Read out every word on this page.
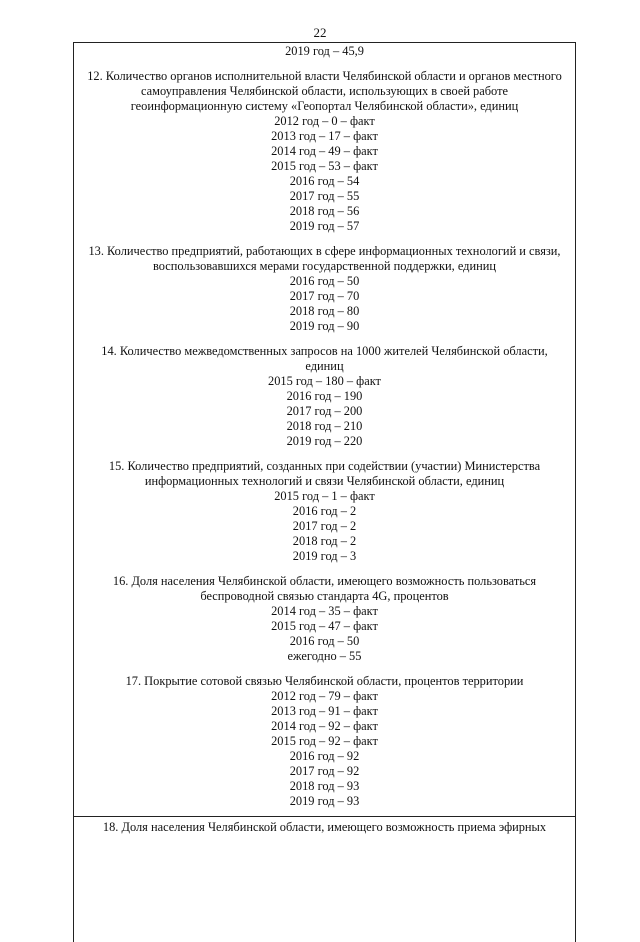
22
2019 год – 45,9

12. Количество органов исполнительной власти Челябинской области и органов местного самоуправления Челябинской области, использующих в своей работе геоинформационную систему «Геопортал Челябинской области», единиц

2012 год – 0 – факт
2013 год – 17 – факт
2014 год – 49 – факт
2015 год – 53 – факт
2016 год – 54
2017 год – 55
2018 год – 56
2019 год – 57

13. Количество предприятий, работающих в сфере информационных технологий и связи, воспользовавшихся мерами государственной поддержки, единиц

2016 год – 50
2017 год – 70
2018 год – 80
2019 год – 90

14. Количество межведомственных запросов на 1000 жителей Челябинской области, единиц

2015 год – 180 – факт
2016 год – 190
2017 год – 200
2018 год – 210
2019 год – 220

15. Количество предприятий, созданных при содействии (участии) Министерства информационных технологий и связи Челябинской области, единиц

2015 год – 1 – факт
2016 год – 2
2017 год – 2
2018 год – 2
2019 год – 3

16. Доля населения Челябинской области, имеющего возможность пользоваться беспроводной связью стандарта 4G, процентов

2014 год – 35 – факт
2015 год – 47 – факт
2016 год – 50
ежегодно – 55

17. Покрытие сотовой связью Челябинской области, процентов территории

2012 год – 79 – факт
2013 год – 91 – факт
2014 год – 92 – факт
2015 год – 92 – факт
2016 год – 92
2017 год – 92
2018 год – 93
2019 год – 93
18. Доля населения Челябинской области, имеющего возможность приема эфирных
